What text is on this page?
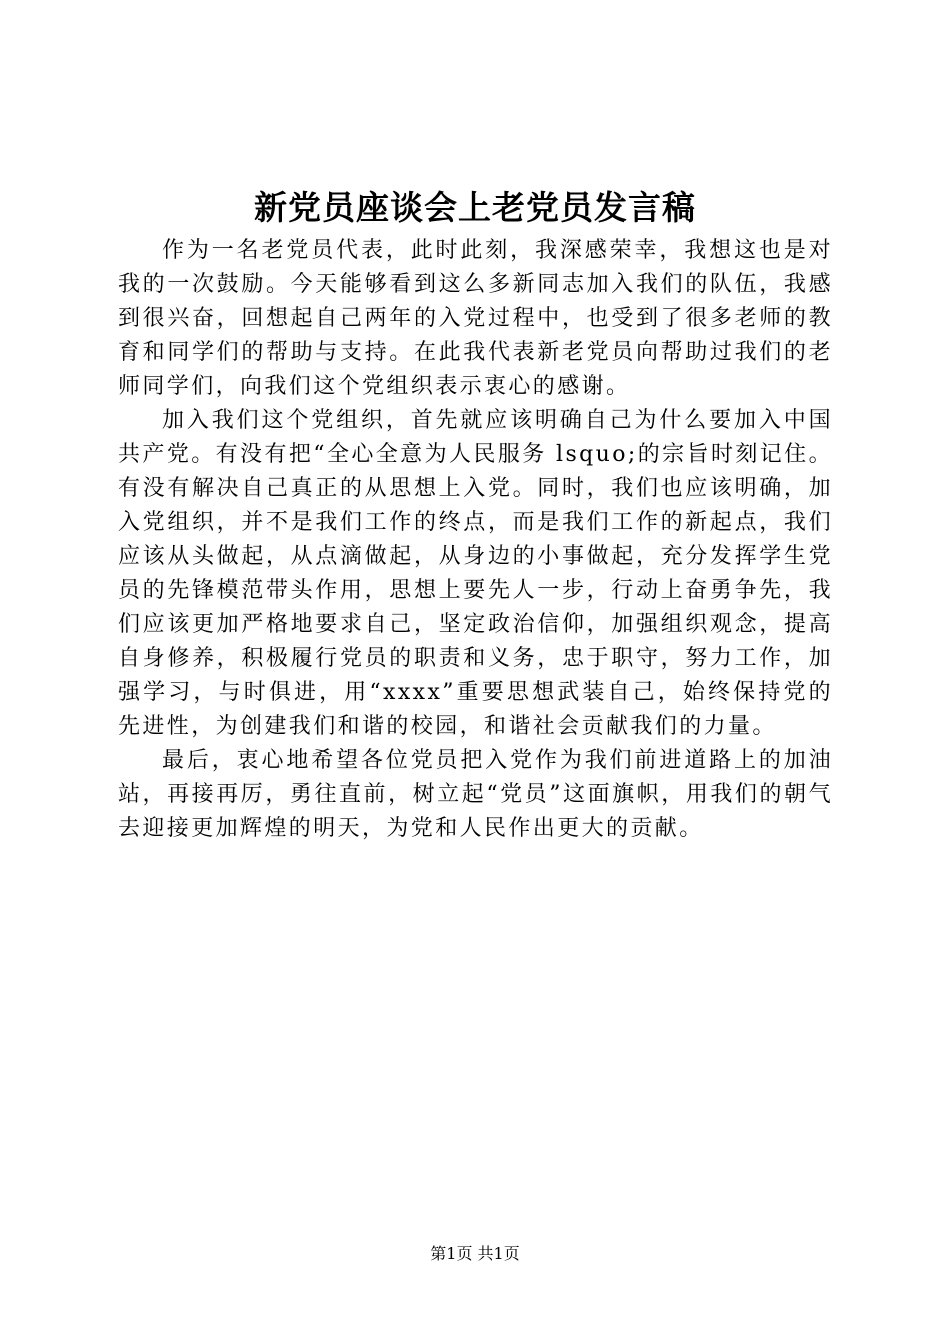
新党员座谈会上老党员发言稿

作为一名老党员代表，此时此刻，我深感荣幸，我想这也是对我的一次鼓励。今天能够看到这么多新同志加入我们的队伍，我感到很兴奋，回想起自己两年的入党过程中，也受到了很多老师的教育和同学们的帮助与支持。在此我代表新老党员向帮助过我们的老师同学们，向我们这个党组织表示衷心的感谢。

加入我们这个党组织，首先就应该明确自己为什么要加入中国共产党。有没有把“全心全意为人民服务 lsquo;的宗旨时刻记住。有没有解决自己真正的从思想上入党。同时，我们也应该明确，加入党组织，并不是我们工作的终点，而是我们工作的新起点，我们应该从头做起，从点滴做起，从身边的小事做起，充分发挥学生党员的先锋模范带头作用，思想上要先人一步，行动上奋勇争先，我们应该更加严格地要求自己，坚定政治信仰，加强组织观念，提高自身修养，积极履行党员的职责和义务，忠于职守，努力工作，加强学习，与时俱进，用“xxxx”重要思想武装自己，始终保持党的先进性，为创建我们和谐的校园，和谐社会贡献我们的力量。

最后，衷心地希望各位党员把入党作为我们前进道路上的加油站，再接再厉，勇往直前，树立起“党员”这面旗帜，用我们的朝气去迎接更加辉煌的明天，为党和人民作出更大的贡献。

第1页 共1页
